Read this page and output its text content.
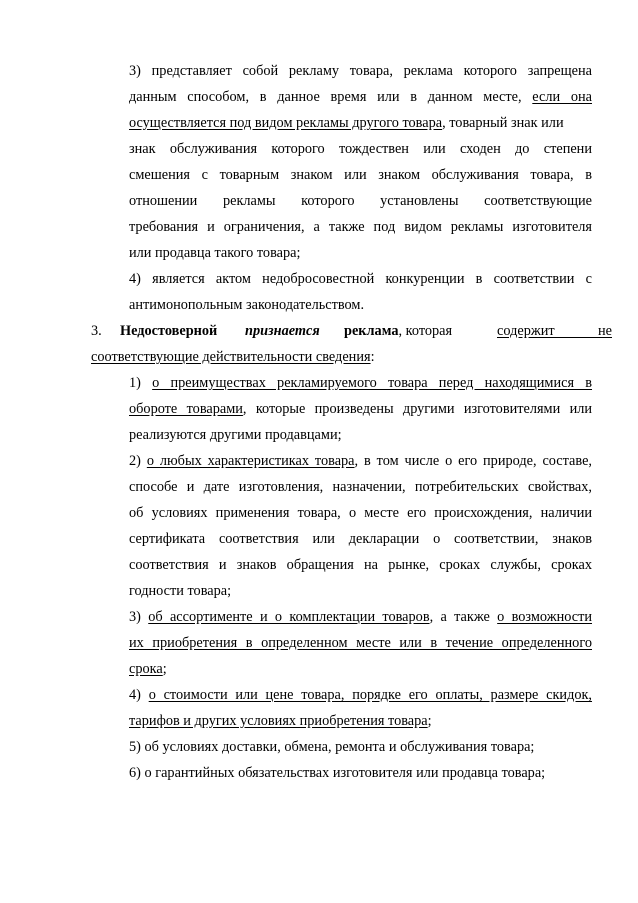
3) представляет собой рекламу товара, реклама которого запрещена
данным способом, в данное время или в данном месте, если она
осуществляется под видом рекламы другого товара, товарный знак или
знак обслуживания которого тождествен или сходен до степени
смешения с товарным знаком или знаком обслуживания товара, в
отношении рекламы которого установлены соответствующие
требования и ограничения, а также под видом рекламы изготовителя
или продавца такого товара;
4) является актом недобросовестной конкуренции в соответствии с
антимонопольным законодательством.
3. Недостоверной признается реклама, которая	содержит не
соответствующие действительности сведения:
1) о преимуществах рекламируемого товара перед находящимися в
обороте товарами, которые произведены другими изготовителями или
реализуются другими продавцами;
2) о любых характеристиках товара, в том числе о его природе, составе,
способе и дате изготовления, назначении, потребительских свойствах,
об условиях применения товара, о месте его происхождения, наличии
сертификата соответствия или декларации о соответствии, знаков
соответствия и знаков обращения на рынке, сроках службы, сроках
годности товара;
3) об ассортименте и о комплектации товаров, а также о возможности
их приобретения в определенном месте или в течение определенного
срока;
4) о стоимости или цене товара, порядке его оплаты, размере скидок,
тарифов и других условиях приобретения товара;
5) об условиях доставки, обмена, ремонта и обслуживания товара;
6) о гарантийных обязательствах изготовителя или продавца товара;
